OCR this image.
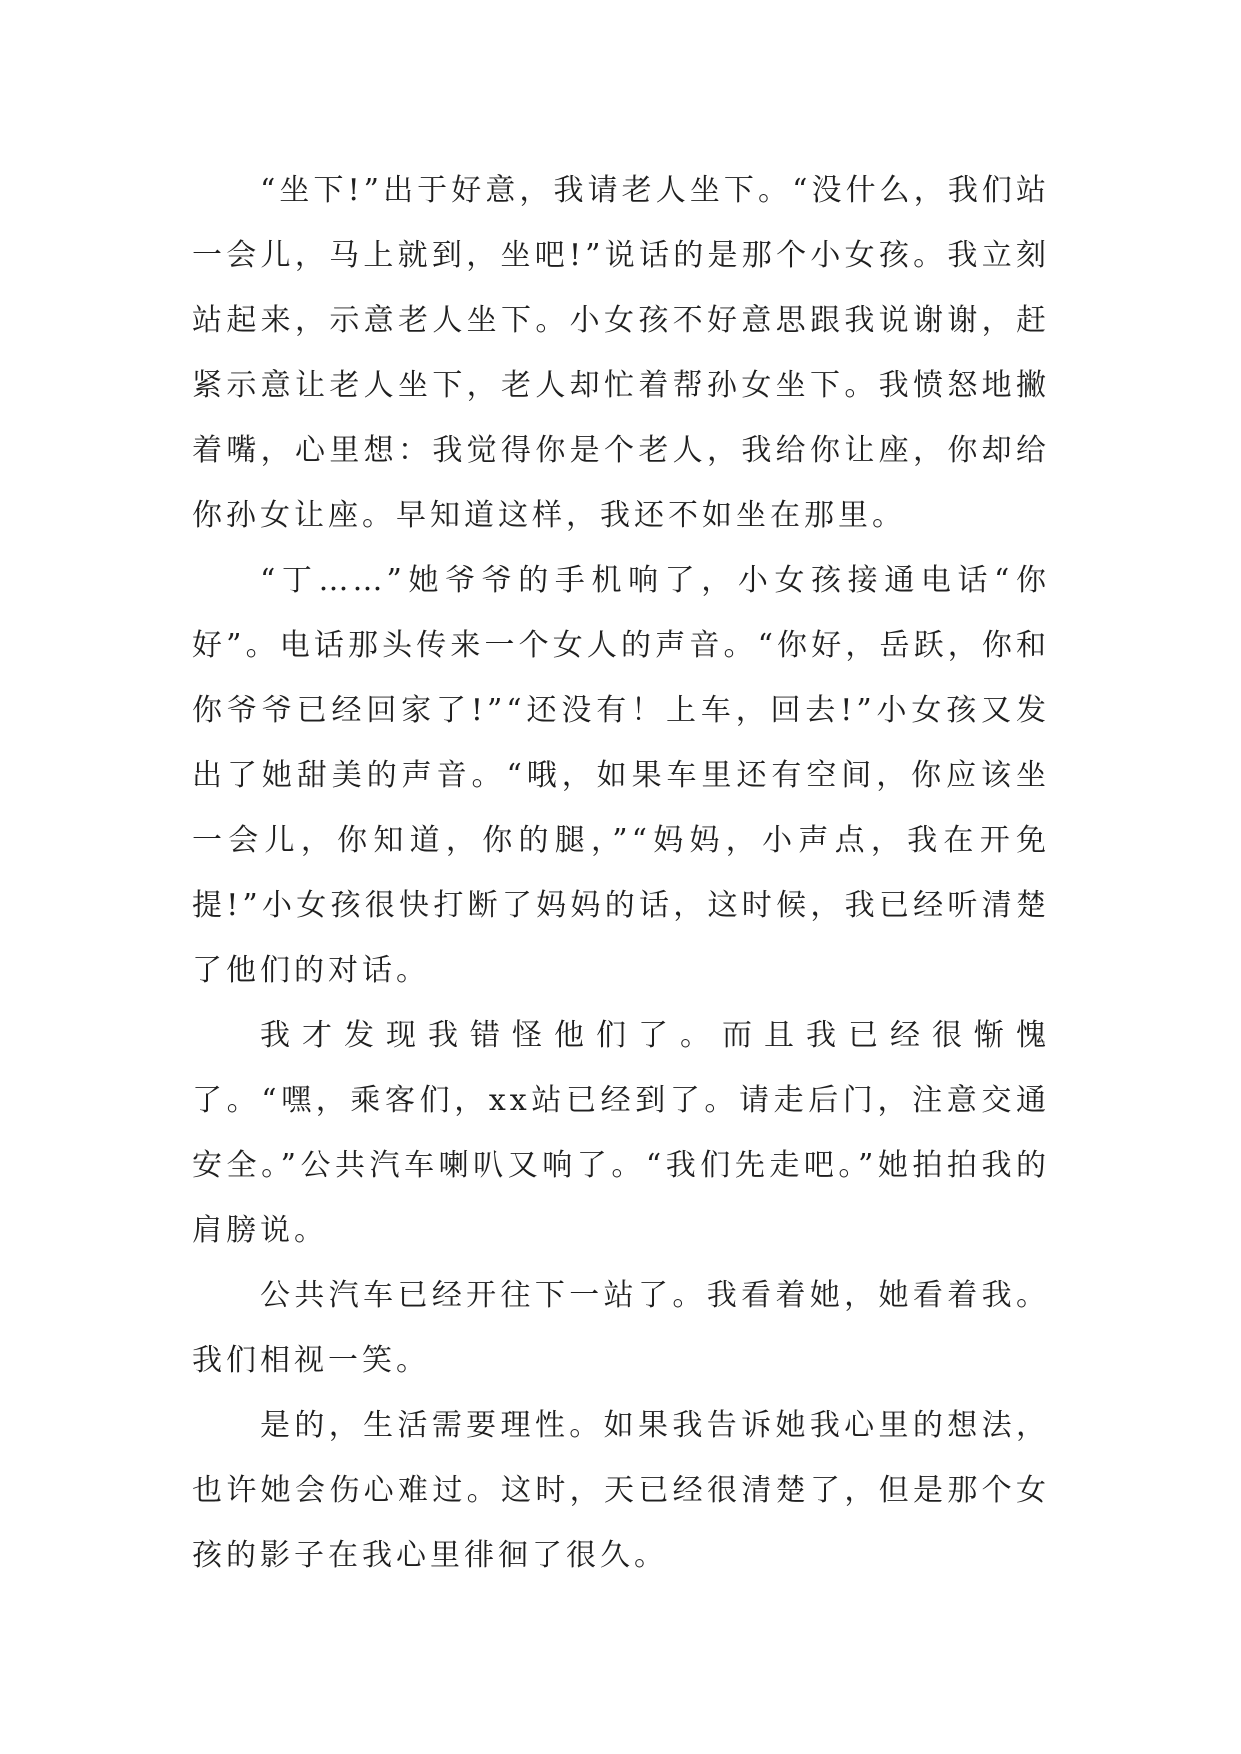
“坐下!”出于好意，我请老人坐下。“没什么，我们站一会儿，马上就到，坐吧!”说话的是那个小女孩。我立刻站起来，示意老人坐下。小女孩不好意思跟我说谢谢，赶紧示意让老人坐下，老人却忙着帮孙女坐下。我愤怒地撇着嘴，心里想：我觉得你是个老人，我给你让座，你却给你孙女让座。早知道这样，我还不如坐在那里。

“丁……”她爷爷的手机响了，小女孩接通电话“你好”。电话那头传来一个女人的声音。“你好，岳跃，你和你爷爷已经回家了!”“还没有！上车，回去!”小女孩又发出了她甜美的声音。“哦，如果车里还有空间，你应该坐一会儿，你知道，你的腿，”“妈妈，小声点，我在开免提!”小女孩很快打断了妈妈的话，这时候，我已经听清楚了他们的对话。

我才发现我错怪他们了。而且我已经很惭愧了。“嘿，乘客们，xx站已经到了。请走后门，注意交通安全。”公共汽车喇叭又响了。“我们先走吧。”她拍拍我的肩膀说。

公共汽车已经开往下一站了。我看着她，她看着我。我们相视一笑。

是的，生活需要理性。如果我告诉她我心里的想法，也许她会伤心难过。这时，天已经很清楚了，但是那个女孩的影子在我心里徘徊了很久。
